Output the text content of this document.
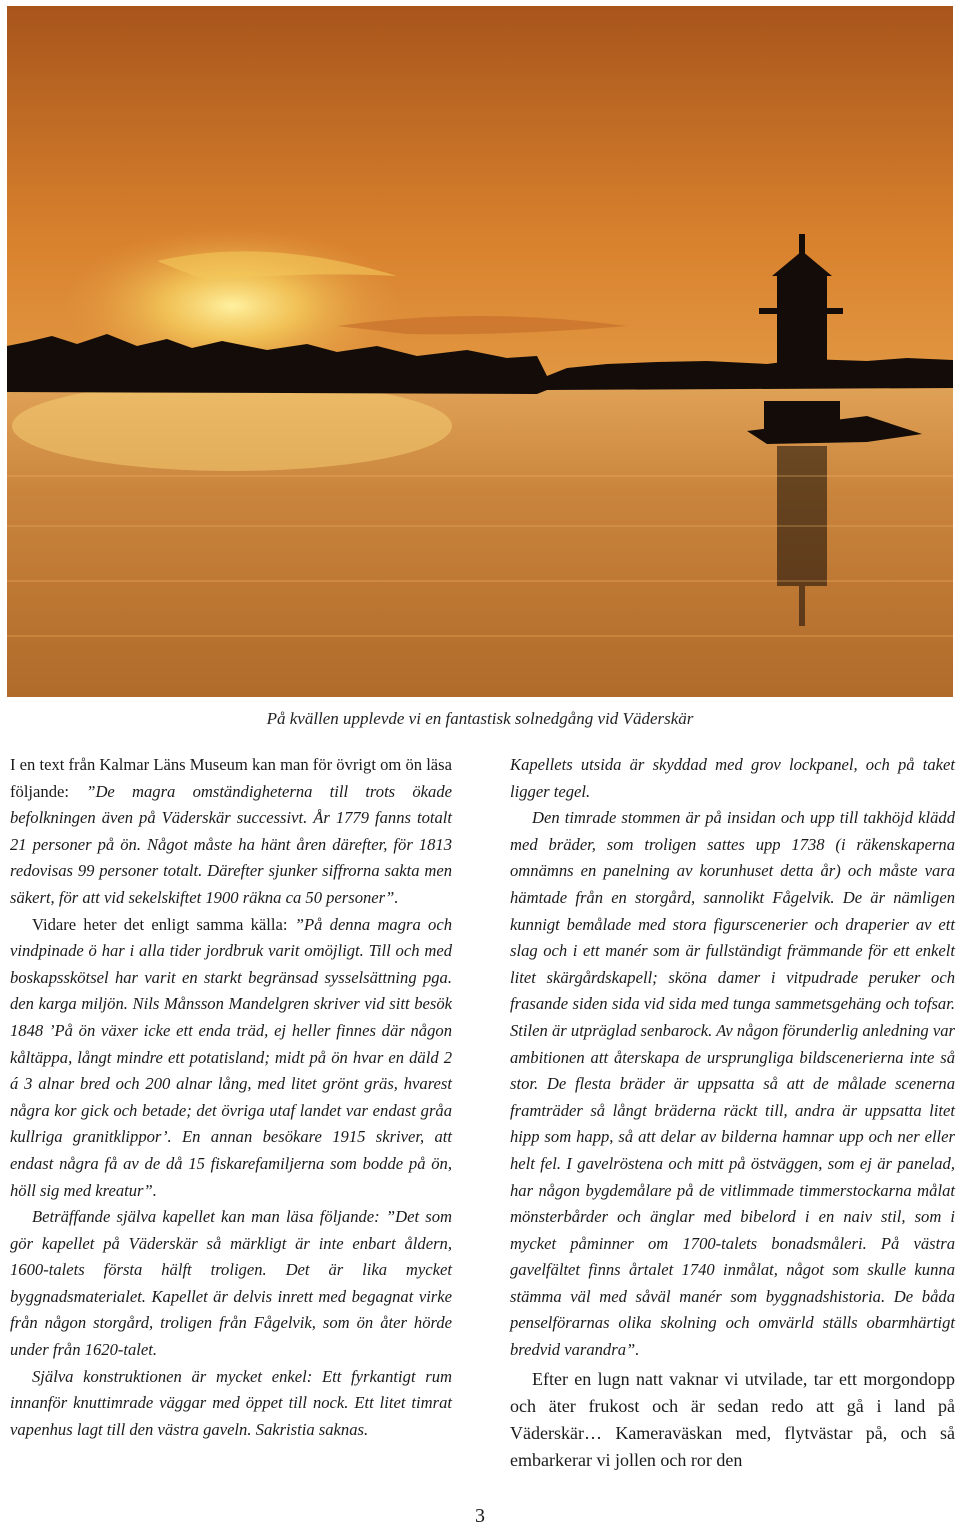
På kvällen upplevde vi en fantastisk solnedgång vid Väderskär

I en text från Kalmar Läns Museum kan man för övrigt om ön läsa följande: ”De magra omständigheterna till trots ökade befolkningen även på Väderskär successivt. År 1779 fanns totalt 21 personer på ön. Något måste ha hänt åren därefter, för 1813 redovisas 99 personer totalt. Därefter sjunker siffrorna sakta men säkert, för att vid sekelskiftet 1900 räkna ca 50 personer”.

Vidare heter det enligt samma källa: ”På denna magra och vindpinade ö har i alla tider jordbruk varit omöjligt. Till och med boskapsskötsel har varit en starkt begränsad sysselsättning pga. den karga miljön. Nils Månsson Mandelgren skriver vid sitt besök 1848 ’På ön växer icke ett enda träd, ej heller finnes där någon kåltäppa, långt mindre ett potatisland; midt på ön hvar en däld 2 á 3 alnar bred och 200 alnar lång, med litet grönt gräs, hvarest några kor gick och betade; det övriga utaf landet var endast gråa kullriga granitklippor’. En annan besökare 1915 skriver, att endast några få av de då 15 fiskarefamiljerna som bodde på ön, höll sig med kreatur”.

Beträffande själva kapellet kan man läsa följande: ”Det som gör kapellet på Väderskär så märkligt är inte enbart åldern, 1600-talets första hälft troligen. Det är lika mycket byggnadsmaterialet. Kapellet är delvis inrett med begagnat virke från någon storgård, troligen från Fågelvik, som ön åter hörde under från 1620-talet.

Själva konstruktionen är mycket enkel: Ett fyrkantigt rum innanför knuttimrade väggar med öppet till nock. Ett litet timrat vapenhus lagt till den västra gaveln. Sakristia saknas.

Kapellets utsida är skyddad med grov lockpanel, och på taket ligger tegel.

Den timrade stommen är på insidan och upp till takhöjd klädd med bräder, som troligen sattes upp 1738 (i räkenskaperna omnämns en panelning av korunhuset detta år) och måste vara hämtade från en storgård, sannolikt Fågelvik. De är nämligen kunnigt bemålade med stora figurscenerier och draperier av ett slag och i ett manér som är fullständigt främmande för ett enkelt litet skärgårdskapell; sköna damer i vitpudrade peruker och frasande siden sida vid sida med tunga sammetsgehäng och tofsar. Stilen är utpräglad senbarock. Av någon förunderlig anledning var ambitionen att återskapa de ursprungliga bildscenerierna inte så stor. De flesta bräder är uppsatta så att de målade scenerna framträder så långt bräderna räckt till, andra är uppsatta litet hipp som happ, så att delar av bilderna hamnar upp och ner eller helt fel. I gavelröstena och mitt på östväggen, som ej är panelad, har någon bygdemålare på de vitlimmade timmerstockarna målat mönsterbårder och änglar med bibelord i en naiv stil, som i mycket påminner om 1700-talets bonadsmåleri. På västra gavelfältet finns årtalet 1740 inmålat, något som skulle kunna stämma väl med såväl manér som byggnadshistoria. De båda penselförarnas olika skolning och omvärld ställs obarmhärtigt bredvid varandra”.

Efter en lugn natt vaknar vi utvilade, tar ett morgondopp och äter frukost och är sedan redo att gå i land på Väderskär… Kameraväskan med, flytvästar på, och så embarkerar vi jollen och ror den

3
